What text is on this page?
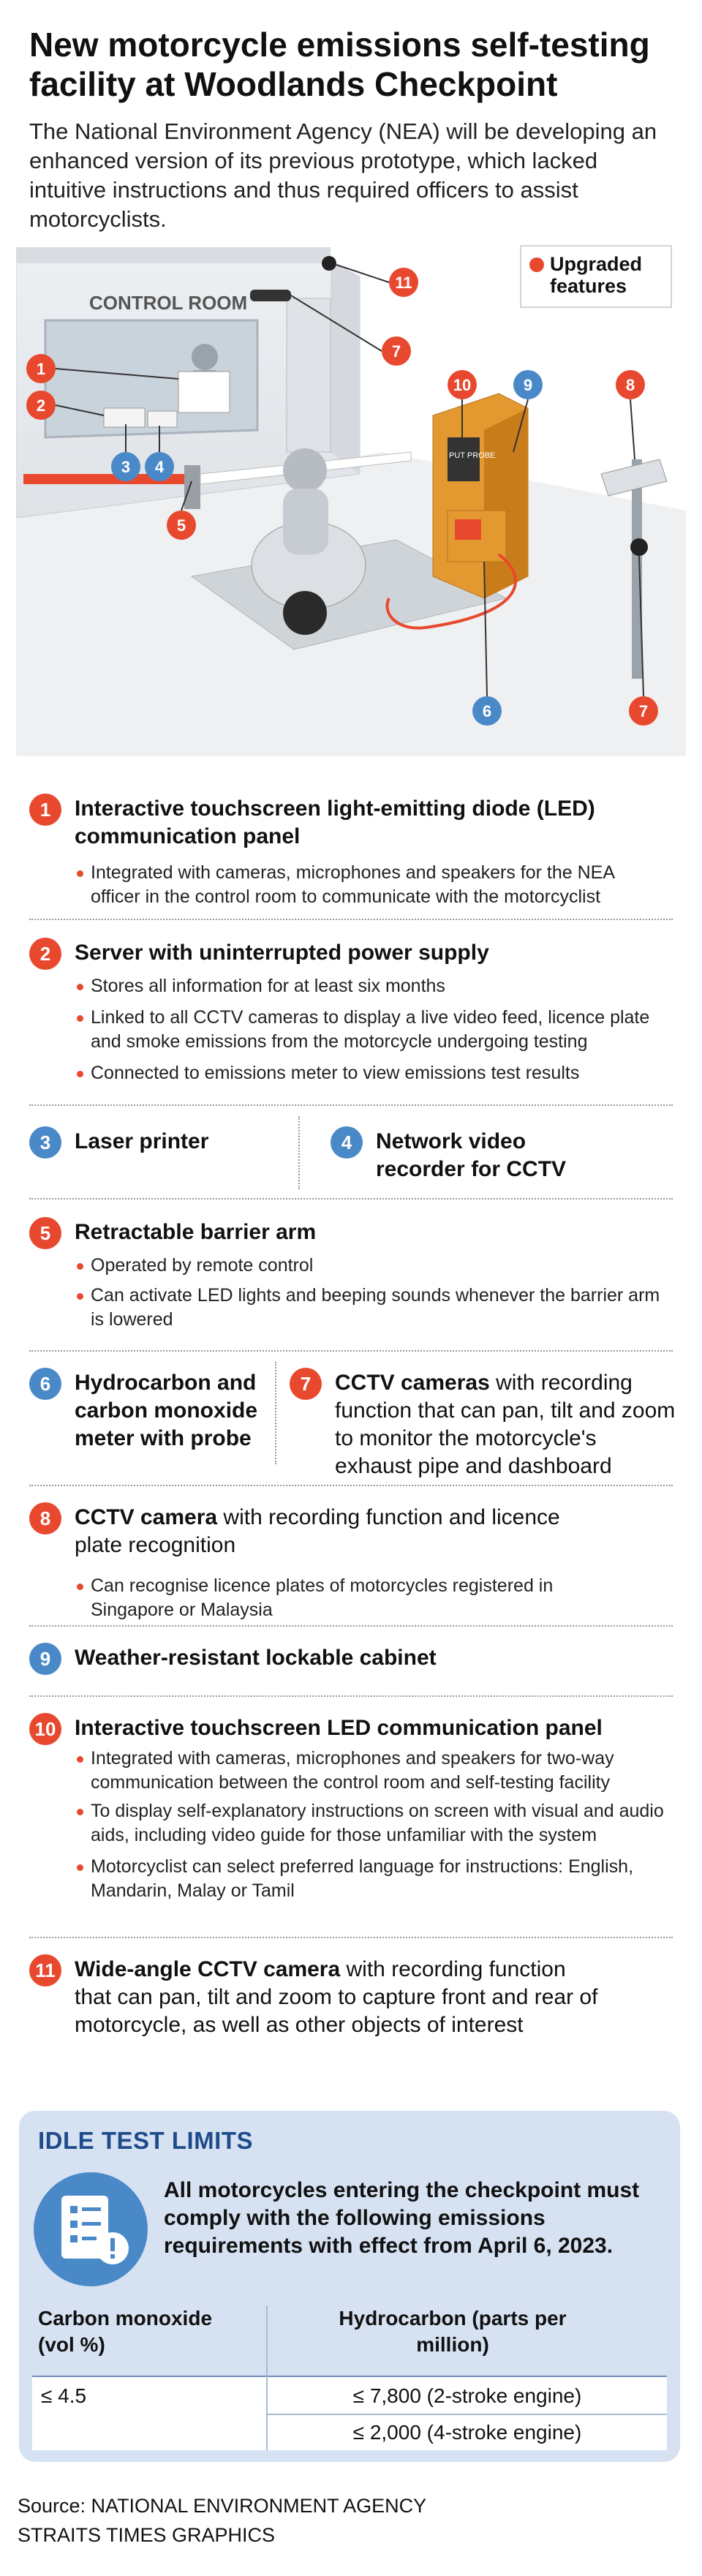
New motorcycle emissions self-testing facility at Woodlands Checkpoint

The National Environment Agency (NEA) will be developing an enhanced version of its previous prototype, which lacked intuitive instructions and thus required officers to assist motorcyclists.

CONTROL ROOM
PUT PROBE
Upgraded features
1
2
3 4
5
6
7
7
8
9
10
11
1	Interactive touchscreen light-emitting diode (LED) communication panel
Integrated with cameras, microphones and speakers for the NEA officer in the control room to communicate with the motorcyclist
2	Server with uninterrupted power supply
Stores all information for at least six months
Linked to all CCTV cameras to display a live video feed, licence plate and smoke emissions from the motorcycle undergoing testing
Connected to emissions meter to view emissions test results
3	Laser printer	4	Network video recorder for CCTV
5	Retractable barrier arm
Operated by remote control
Can activate LED lights and beeping sounds whenever the barrier arm is lowered
6	Hydrocarbon and carbon monoxide meter with probe
7	CCTV cameras with recording function that can pan, tilt and zoom to monitor the motorcycle's exhaust pipe and dashboard
8	CCTV camera with recording function and licence plate recognition
Can recognise licence plates of motorcycles registered in Singapore or Malaysia
9	Weather-resistant lockable cabinet
10 Interactive touchscreen LED communication panel
Integrated with cameras, microphones and speakers for two-way communication between the control room and self-testing facility
To display self-explanatory instructions on screen with visual and audio aids, including video guide for those unfamiliar with the system
Motorcyclist can select preferred language for instructions: English, Mandarin, Malay or Tamil
11 Wide-angle CCTV camera with recording function that can pan, tilt and zoom to capture front and rear of motorcycle, as well as other objects of interest
IDLE TEST LIMITS
All motorcycles entering the checkpoint must comply with the following emissions requirements with effect from April 6, 2023.
Carbon monoxide (vol %)
Hydrocarbon (parts per million)
≤ 4.5	≤ 7,800 (2-stroke engine)
≤ 2,000 (4-stroke engine)
Source: NATIONAL ENVIRONMENT AGENCY
STRAITS TIMES GRAPHICS
